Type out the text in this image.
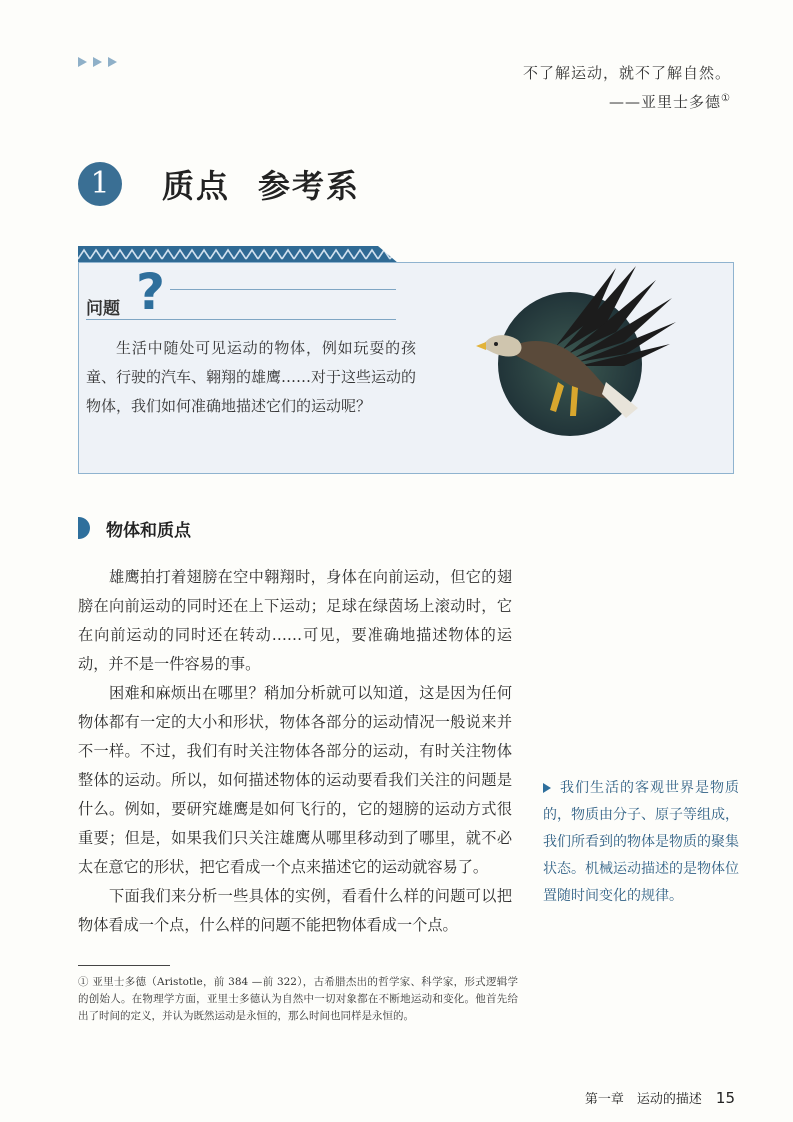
不了解运动，就不了解自然。
——亚里士多德①
1	质点 参考系
问题 ?
生活中随处可见运动的物体，例如玩耍的孩童、行驶的汽车、翱翔的雄鹰……对于这些运动的物体，我们如何准确地描述它们的运动呢？
物体和质点

雄鹰拍打着翅膀在空中翱翔时，身体在向前运动，但它的翅膀在向前运动的同时还在上下运动；足球在绿茵场上滚动时，它在向前运动的同时还在转动……可见，要准确地描述物体的运动，并不是一件容易的事。

困难和麻烦出在哪里？稍加分析就可以知道，这是因为任何物体都有一定的大小和形状，物体各部分的运动情况一般说来并不一样。不过，我们有时关注物体各部分的运动，有时关注物体整体的运动。所以，如何描述物体的运动要看我们关注的问题是什么。例如，要研究雄鹰是如何飞行的，它的翅膀的运动方式很重要；但是，如果我们只关注雄鹰从哪里移动到了哪里，就不必太在意它的形状，把它看成一个点来描述它的运动就容易了。

下面我们来分析一些具体的实例，看看什么样的问题可以把物体看成一个点，什么样的问题不能把物体看成一个点。

我们生活的客观世界是物质的，物质由分子、原子等组成，我们所看到的物体是物质的聚集状态。机械运动描述的是物体位置随时间变化的规律。
① 亚里士多德（Aristotle，前 384 —前 322），古希腊杰出的哲学家、科学家，形式逻辑学的创始人。在物理学方面，亚里士多德认为自然中一切对象都在不断地运动和变化。他首先给出了时间的定义，并认为既然运动是永恒的，那么时间也同样是永恒的。
第一章　运动的描述 15
